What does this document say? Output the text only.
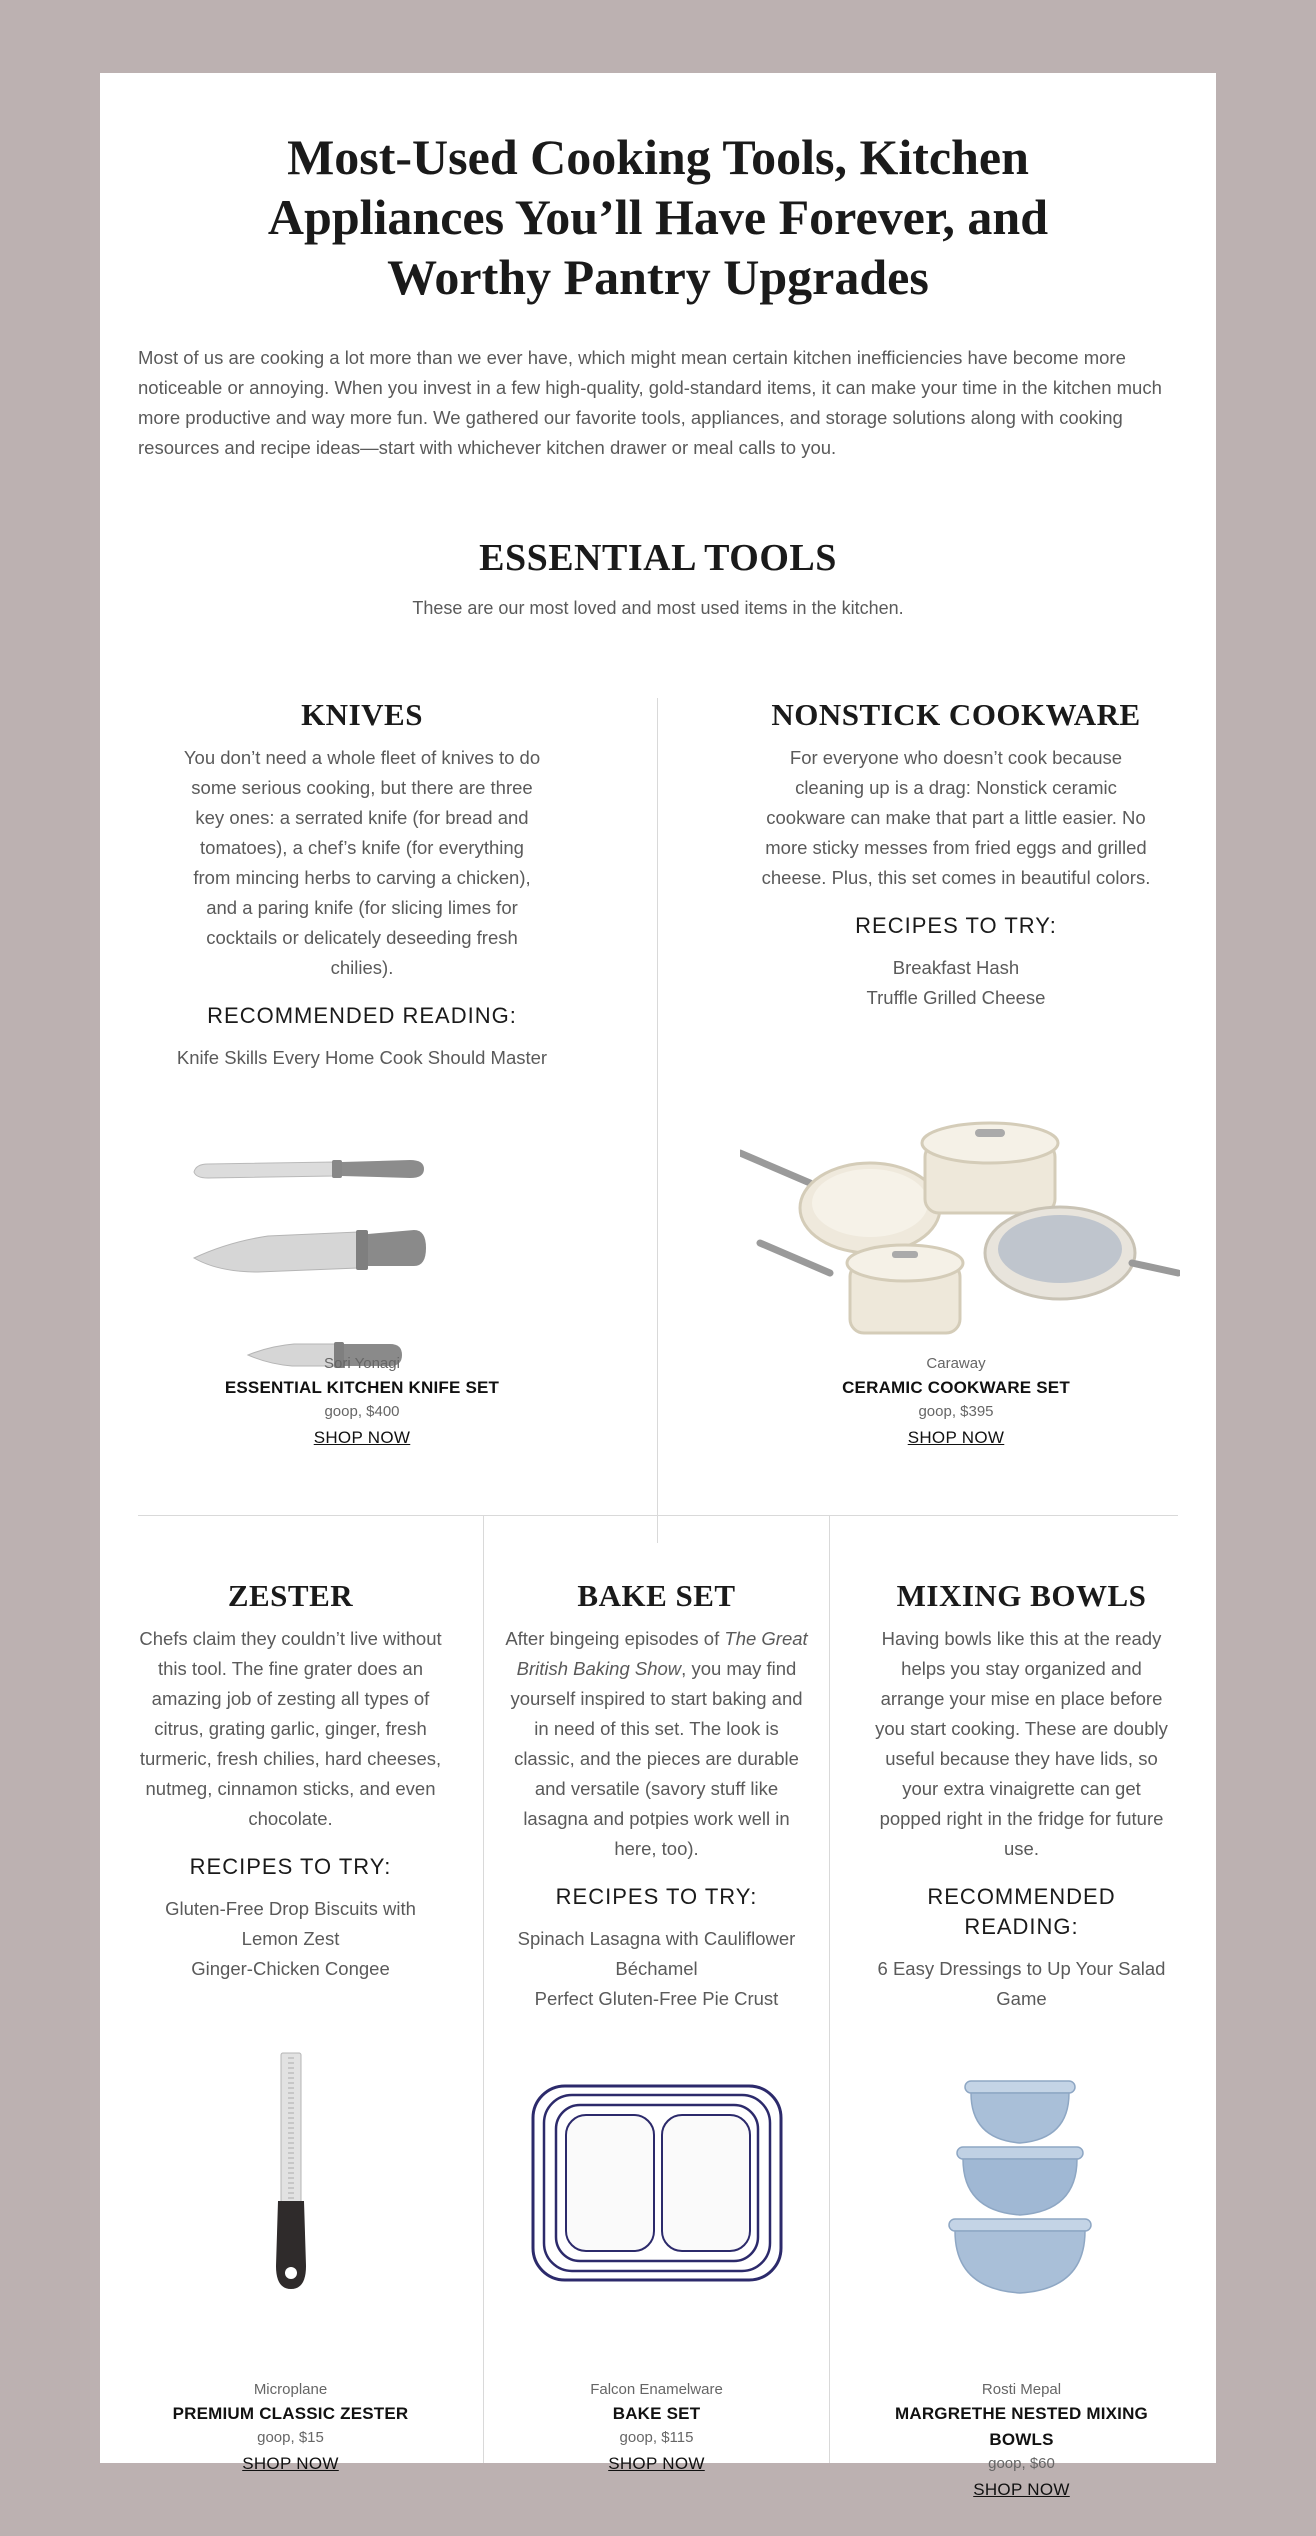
Most-Used Cooking Tools, Kitchen
Appliances You’ll Have Forever, and
Worthy Pantry Upgrades

Most of us are cooking a lot more than we ever have, which might mean certain kitchen inefficiencies have become more noticeable or annoying. When you invest in a few high-quality, gold-standard items, it can make your time in the kitchen much more productive and way more fun. We gathered our favorite tools, appliances, and storage solutions along with cooking resources and recipe ideas—start with whichever kitchen drawer or meal calls to you.

ESSENTIAL TOOLS

These are our most loved and most used items in the kitchen.

KNIVES

You don’t need a whole fleet of knives to do some serious cooking, but there are three key ones: a serrated knife (for bread and tomatoes), a chef’s knife (for everything from mincing herbs to carving a chicken), and a paring knife (for slicing limes for cocktails or delicately deseeding fresh chilies).

RECOMMENDED READING:
Knife Skills Every Home Cook Should Master
Sori Yonagi
ESSENTIAL KITCHEN KNIFE SET
goop, $400
SHOP NOW
NONSTICK COOKWARE

For everyone who doesn’t cook because cleaning up is a drag: Nonstick ceramic cookware can make that part a little easier. No more sticky messes from fried eggs and grilled cheese. Plus, this set comes in beautiful colors.

RECIPES TO TRY:
Breakfast Hash
Truffle Grilled Cheese
Caraway
CERAMIC COOKWARE SET
goop, $395
SHOP NOW
ZESTER

Chefs claim they couldn’t live without this tool. The fine grater does an amazing job of zesting all types of citrus, grating garlic, ginger, fresh turmeric, fresh chilies, hard cheeses, nutmeg, cinnamon sticks, and even chocolate.

RECIPES TO TRY:
Gluten-Free Drop Biscuits with Lemon Zest
Ginger-Chicken Congee
Microplane
PREMIUM CLASSIC ZESTER
goop, $15
SHOP NOW
BAKE SET

After bingeing episodes of The Great British Baking Show, you may find yourself inspired to start baking and in need of this set. The look is classic, and the pieces are durable and versatile (savory stuff like lasagna and potpies work well in here, too).

RECIPES TO TRY:
Spinach Lasagna with Cauliflower Béchamel
Perfect Gluten-Free Pie Crust
Falcon Enamelware
BAKE SET
goop, $115
SHOP NOW
MIXING BOWLS

Having bowls like this at the ready helps you stay organized and arrange your mise en place before you start cooking. These are doubly useful because they have lids, so your extra vinaigrette can get popped right in the fridge for future use.

RECOMMENDED READING:
6 Easy Dressings to Up Your Salad Game
Rosti Mepal
MARGRETHE NESTED MIXING BOWLS
goop, $60
SHOP NOW
